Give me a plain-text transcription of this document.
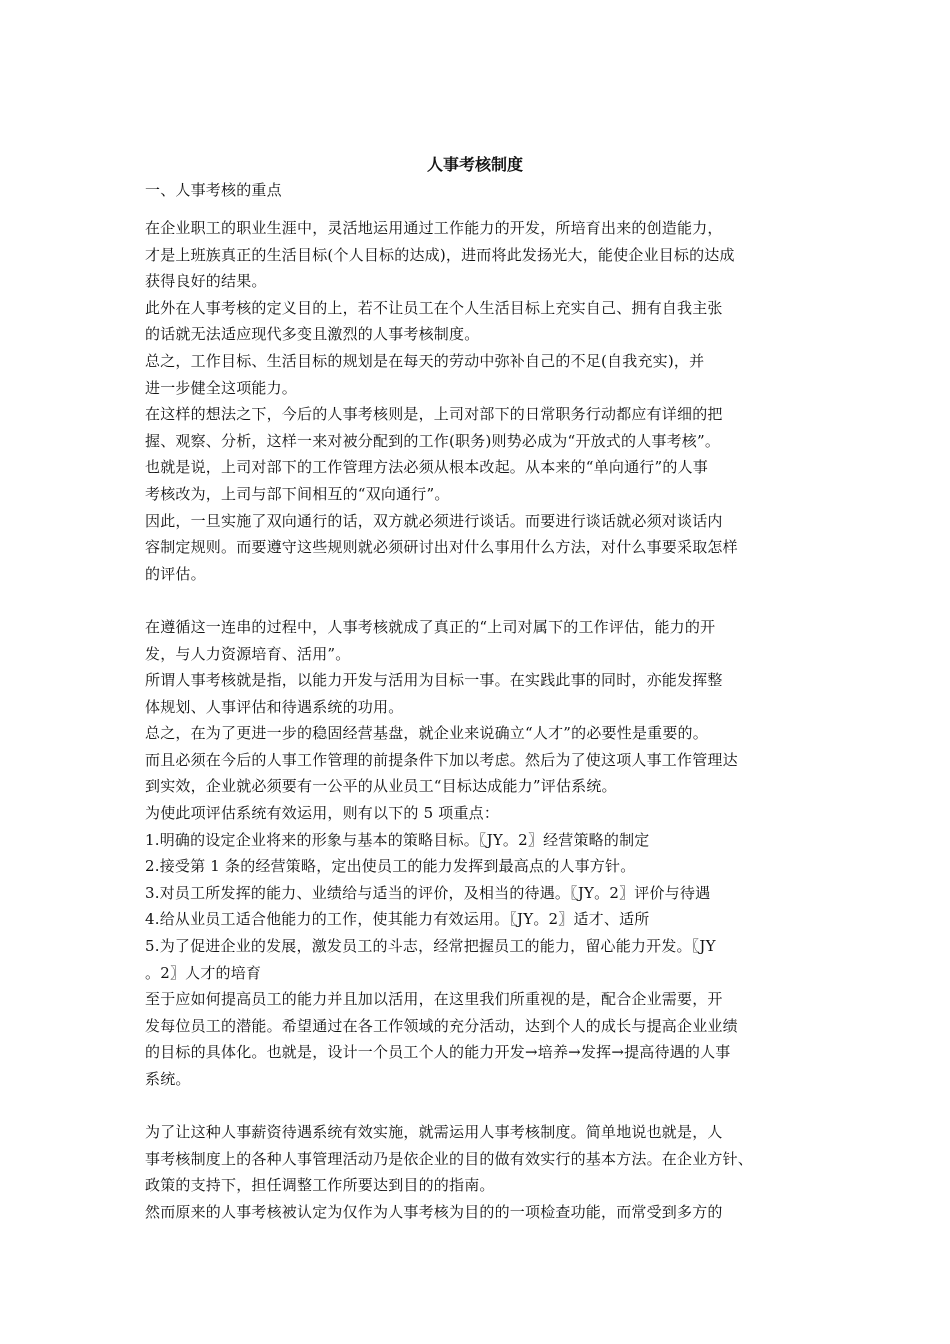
人事考核制度
一、人事考核的重点
在企业职工的职业生涯中，灵活地运用通过工作能力的开发，所培育出来的创造能力，
才是上班族真正的生活目标(个人目标的达成)，进而将此发扬光大，能使企业目标的达成
获得良好的结果。
此外在人事考核的定义目的上，若不让员工在个人生活目标上充实自己、拥有自我主张
的话就无法适应现代多变且激烈的人事考核制度。
总之，工作目标、生活目标的规划是在每天的劳动中弥补自己的不足(自我充实)，并
进一步健全这项能力。
在这样的想法之下，今后的人事考核则是，上司对部下的日常职务行动都应有详细的把
握、观察、分析，这样一来对被分配到的工作(职务)则势必成为“开放式的人事考核”。
也就是说，上司对部下的工作管理方法必须从根本改起。从本来的“单向通行”的人事
考核改为，上司与部下间相互的“双向通行”。
因此，一旦实施了双向通行的话，双方就必须进行谈话。而要进行谈话就必须对谈话内
容制定规则。而要遵守这些规则就必须研讨出对什么事用什么方法，对什么事要采取怎样
的评估。
在遵循这一连串的过程中，人事考核就成了真正的“上司对属下的工作评估，能力的开
发，与人力资源培育、活用”。
所谓人事考核就是指，以能力开发与活用为目标一事。在实践此事的同时，亦能发挥整
体规划、人事评估和待遇系统的功用。
总之，在为了更进一步的稳固经营基盘，就企业来说确立“人才”的必要性是重要的。
而且必须在今后的人事工作管理的前提条件下加以考虑。然后为了使这项人事工作管理达
到实效，企业就必须要有一公平的从业员工“目标达成能力”评估系统。
为使此项评估系统有效运用，则有以下的 5 项重点：
1.明确的设定企业将来的形象与基本的策略目标。〖JY。2〗经营策略的制定
2.接受第 1 条的经营策略，定出使员工的能力发挥到最高点的人事方针。
3.对员工所发挥的能力、业绩给与适当的评价，及相当的待遇。〖JY。2〗评价与待遇
4.给从业员工适合他能力的工作，使其能力有效运用。〖JY。2〗适才、适所
5.为了促进企业的发展，激发员工的斗志，经常把握员工的能力，留心能力开发。〖JY
。2〗人才的培育
至于应如何提高员工的能力并且加以活用，在这里我们所重视的是，配合企业需要，开
发每位员工的潜能。希望通过在各工作领域的充分活动，达到个人的成长与提高企业业绩
的目标的具体化。也就是，设计一个员工个人的能力开发→培养→发挥→提高待遇的人事
系统。
为了让这种人事薪资待遇系统有效实施，就需运用人事考核制度。简单地说也就是，人
事考核制度上的各种人事管理活动乃是依企业的目的做有效实行的基本方法。在企业方针、
政策的支持下，担任调整工作所要达到目的的指南。
然而原来的人事考核被认定为仅作为人事考核为目的的一项检查功能，而常受到多方的
